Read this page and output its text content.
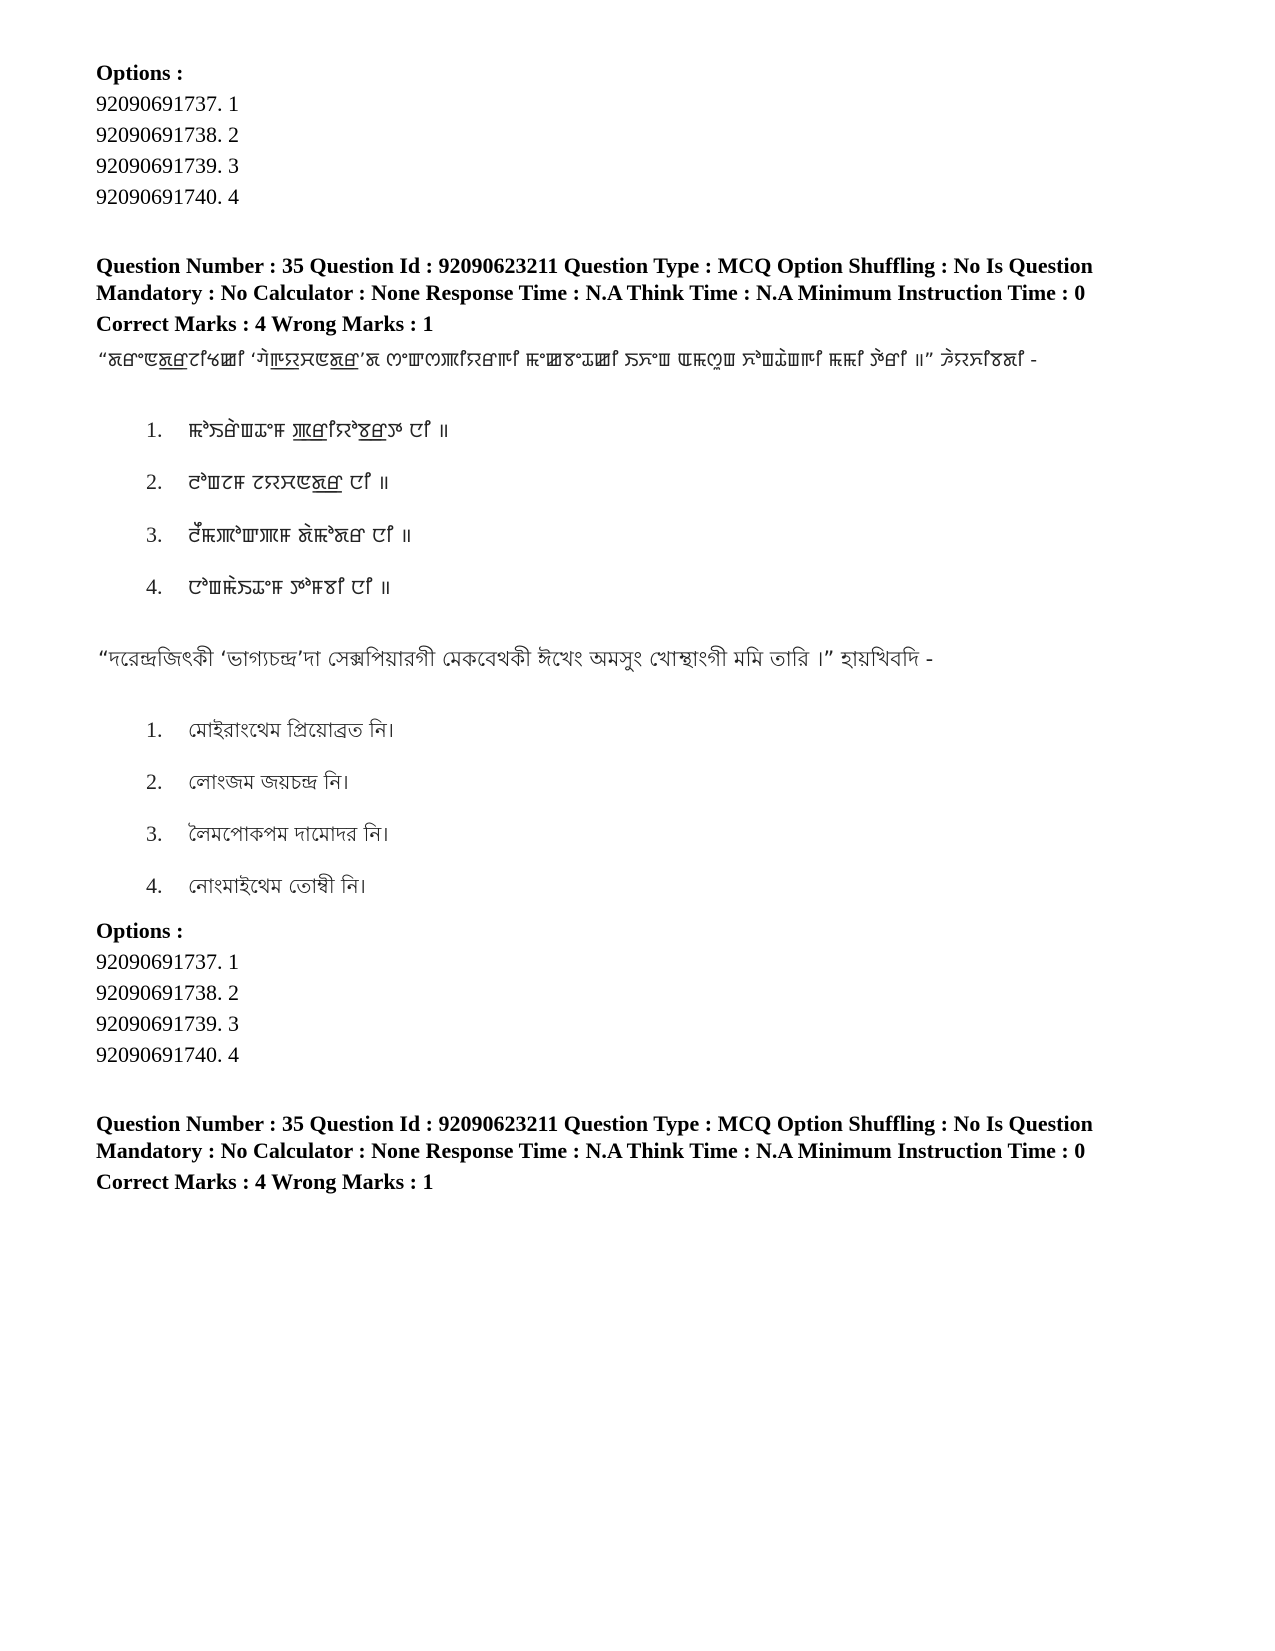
Options :
92090691737. 1
92090691738. 2
92090691739. 3
92090691740. 4
Question Number : 35 Question Id : 92090623211 Question Type : MCQ Option Shuffling : No Is Question
Mandatory : No Calculator : None Response Time : N.A Think Time : N.A Minimum Instruction Time : 0
Correct Marks : 4 Wrong Marks : 1
“ꯗꯔꯦꯟꯗ꯭ꯔꯖꯤꯠꯀꯤ ‘ꯚꯥꯒ꯭ꯌꯆꯟꯗ꯭ꯔ’ꯗ ꯁꯦꯛꯁꯄꯤꯌꯔꯒꯤ ꯃꯦꯀꯕꯦꯊꯀꯤ ꯏꯈꯦꯡ ꯑꯃꯁꯨꯡ ꯈꯣꯡꯊꯥꯡꯒꯤ ꯃꯃꯤ ꯇꯥꯔꯤ ॥” ꯍꯥꯌꯈꯤꯕꯗꯤ -
1. ꯃꯣꯏꯔꯥꯡꯊꯦꯝ ꯄ꯭ꯔꯤꯌꯣꯕ꯭ꯔꯇ ꯅꯤ ॥
2. ꯂꯣꯡꯖꯝ ꯖꯌꯆꯟꯗ꯭ꯔ ꯅꯤ ॥
3. ꯂꯩꯃꯄꯣꯛꯄꯝ ꯗꯥꯃꯣꯗꯔ ꯅꯤ ॥
4. ꯅꯣꯡꯃꯥꯏꯊꯦꯝ ꯇꯣꯝꯕꯤ ꯅꯤ ॥
“দরেন্দ্রজিৎকী ‘ভাগ্যচন্দ্র’দা সেক্সপিয়ারগী মেকবেথকী ঈখেং অমসুং খোম্থাংগী মমি তারি ।” হায়খিবদি -
1. মোইরাংথেম প্রিয়োব্রত নি।
2. লোংজম জয়চন্দ্র নি।
3. লৈমপোকপম দামোদর নি।
4. নোংমাইথেম তোম্বী নি।
Options :
92090691737. 1
92090691738. 2
92090691739. 3
92090691740. 4
Question Number : 35 Question Id : 92090623211 Question Type : MCQ Option Shuffling : No Is Question
Mandatory : No Calculator : None Response Time : N.A Think Time : N.A Minimum Instruction Time : 0
Correct Marks : 4 Wrong Marks : 1
